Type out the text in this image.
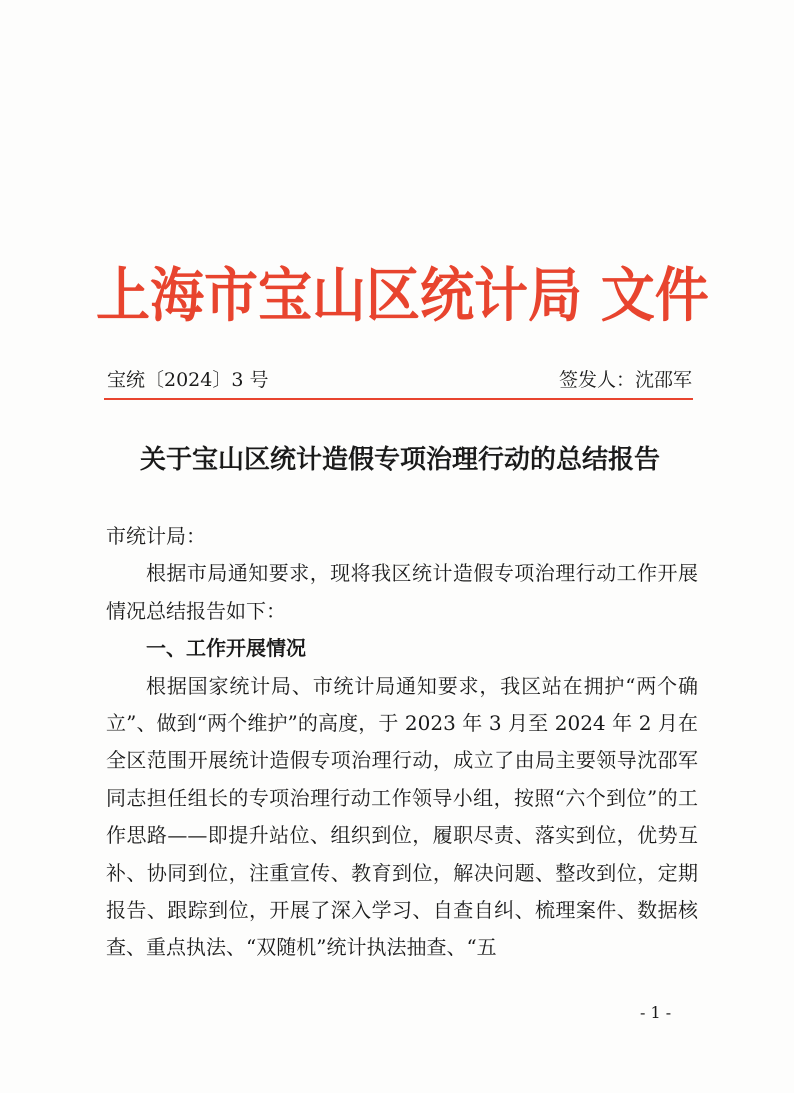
上海市宝山区统计局 文件
宝统〔2024〕3 号	签发人：沈邵军
关于宝山区统计造假专项治理行动的总结报告

市统计局：

根据市局通知要求，现将我区统计造假专项治理行动工作开展情况总结报告如下：

一、工作开展情况

根据国家统计局、市统计局通知要求，我区站在拥护“两个确立”、做到“两个维护”的高度，于 2023 年 3 月至 2024 年 2 月在全区范围开展统计造假专项治理行动，成立了由局主要领导沈邵军同志担任组长的专项治理行动工作领导小组，按照“六个到位”的工作思路——即提升站位、组织到位，履职尽责、落实到位，优势互补、协同到位，注重宣传、教育到位，解决问题、整改到位，定期报告、跟踪到位，开展了深入学习、自查自纠、梳理案件、数据核查、重点执法、“双随机”统计执法抽查、“五

- 1 -
